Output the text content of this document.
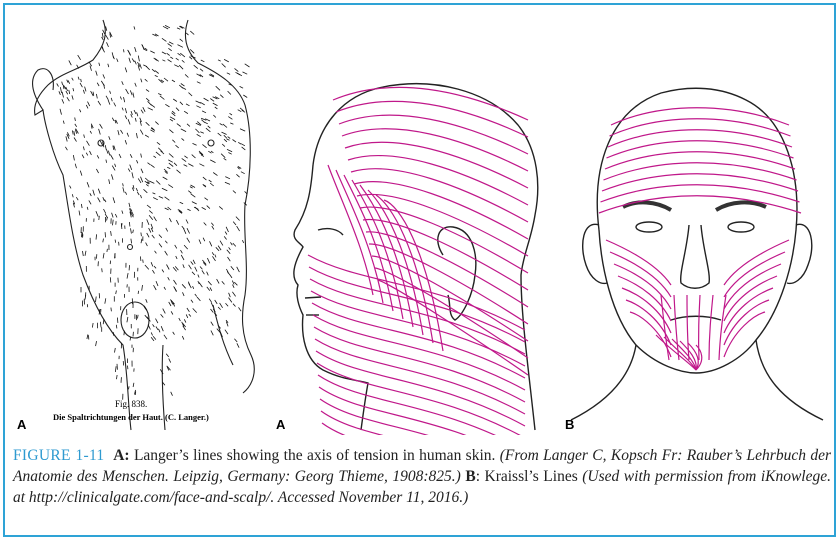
Fig. 838.
Die Spaltrichtungen der Haut. (C. Langer.)
A	A	B
FIGURE 1-11 A: Langer’s lines showing the axis of tension in human skin. (From Langer C, Kopsch Fr: Rauber’s Lehrbuch der Anatomie des Menschen. Leipzig, Germany: Georg Thieme, 1908:825.) B: Kraissl’s Lines (Used with permission from iKnowlege. at http://clinicalgate.com/face-and-scalp/. Accessed November 11, 2016.)
